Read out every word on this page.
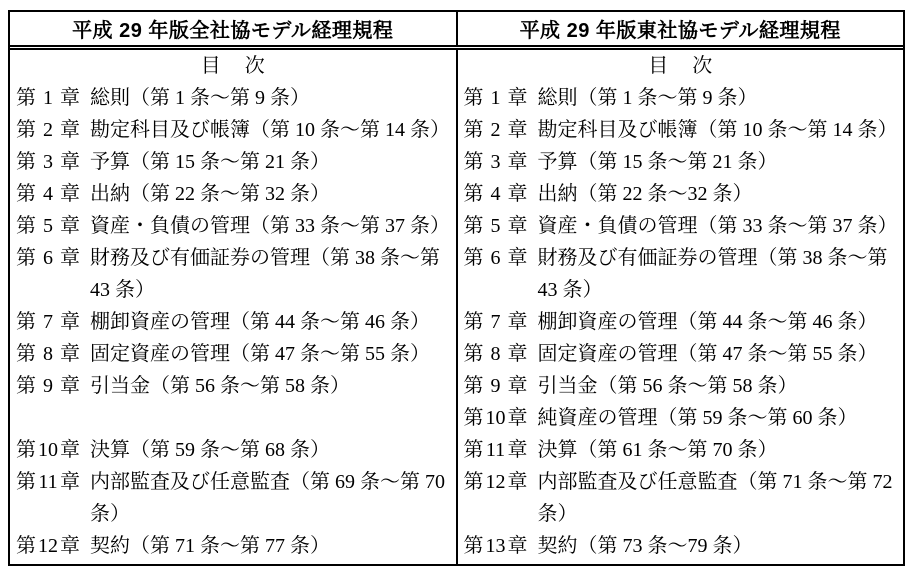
平成 29 年版全社協モデル経理規程	平成 29 年版東社協モデル経理規程
目　次
第1章 総則（第 1 条～第 9 条）
第2章 勘定科目及び帳簿（第 10 条～第 14 条）
第3章 予算（第 15 条～第 21 条）
第4章 出納（第 22 条～第 32 条）
第5章 資産・負債の管理（第 33 条～第 37 条）
第6章 財務及び有価証券の管理（第 38 条～第
43 条）
第7章 棚卸資産の管理（第 44 条～第 46 条）
第8章 固定資産の管理（第 47 条～第 55 条）
第9章 引当金（第 56 条～第 58 条）
第10章 決算（第 59 条～第 68 条）
第11章 内部監査及び任意監査（第 69 条～第 70
条）
第12章 契約（第 71 条～第 77 条）
目　次
第1章 総則（第 1 条～第 9 条）
第2章 勘定科目及び帳簿（第 10 条～第 14 条）
第3章 予算（第 15 条～第 21 条）
第4章 出納（第 22 条～32 条）
第5章 資産・負債の管理（第 33 条～第 37 条）
第6章 財務及び有価証券の管理（第 38 条～第
43 条）
第7章 棚卸資産の管理（第 44 条～第 46 条）
第8章 固定資産の管理（第 47 条～第 55 条）
第9章 引当金（第 56 条～第 58 条）
第10章 純資産の管理（第 59 条～第 60 条）
第11章 決算（第 61 条～第 70 条）
第12章 内部監査及び任意監査（第 71 条～第 72
条）
第13章 契約（第 73 条～79 条）
